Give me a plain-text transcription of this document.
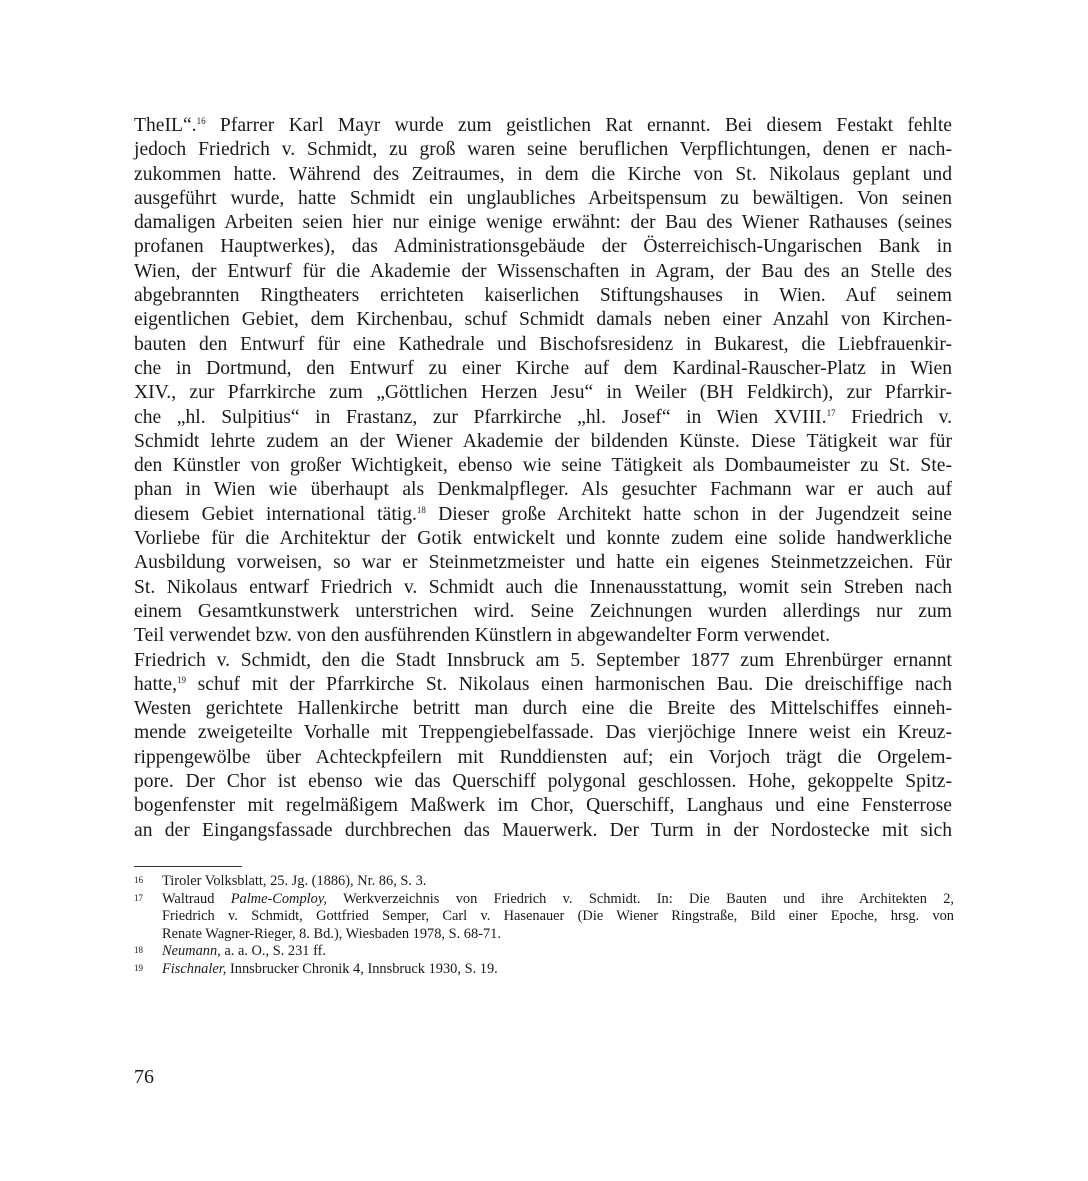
TheIL“.$^{16}$ Pfarrer Karl Mayr wurde zum geistlichen Rat ernannt. Bei diesem Festakt fehlte
jedoch Friedrich v. Schmidt, zu groß waren seine beruflichen Verpflichtungen, denen er nach-
zukommen hatte. Während des Zeitraumes, in dem die Kirche von St. Nikolaus geplant und
ausgeführt wurde, hatte Schmidt ein unglaubliches Arbeitspensum zu bewältigen. Von seinen
damaligen Arbeiten seien hier nur einige wenige erwähnt: der Bau des Wiener Rathauses (seines
profanen Hauptwerkes), das Administrationsgebäude der Österreichisch-Ungarischen Bank in
Wien, der Entwurf für die Akademie der Wissenschaften in Agram, der Bau des an Stelle des
abgebrannten Ringtheaters errichteten kaiserlichen Stiftungshauses in Wien. Auf seinem
eigentlichen Gebiet, dem Kirchenbau, schuf Schmidt damals neben einer Anzahl von Kirchen-
bauten den Entwurf für eine Kathedrale und Bischofsresidenz in Bukarest, die Liebfrauenkir-
che in Dortmund, den Entwurf zu einer Kirche auf dem Kardinal-Rauscher-Platz in Wien
XIV., zur Pfarrkirche zum „Göttlichen Herzen Jesu“ in Weiler (BH Feldkirch), zur Pfarrkir-
che „hl. Sulpitius“ in Frastanz, zur Pfarrkirche „hl. Josef“ in Wien XVIII.$^{17}$ Friedrich v.
Schmidt lehrte zudem an der Wiener Akademie der bildenden Künste. Diese Tätigkeit war für
den Künstler von großer Wichtigkeit, ebenso wie seine Tätigkeit als Dombaumeister zu St. Ste-
phan in Wien wie überhaupt als Denkmalpfleger. Als gesuchter Fachmann war er auch auf
diesem Gebiet international tätig.$^{18}$ Dieser große Architekt hatte schon in der Jugendzeit seine
Vorliebe für die Architektur der Gotik entwickelt und konnte zudem eine solide handwerkliche
Ausbildung vorweisen, so war er Steinmetzmeister und hatte ein eigenes Steinmetzzeichen. Für
St. Nikolaus entwarf Friedrich v. Schmidt auch die Innenausstattung, womit sein Streben nach
einem Gesamtkunstwerk unterstrichen wird. Seine Zeichnungen wurden allerdings nur zum
Teil verwendet bzw. von den ausführenden Künstlern in abgewandelter Form verwendet.
Friedrich v. Schmidt, den die Stadt Innsbruck am 5. September 1877 zum Ehrenbürger ernannt
hatte,$^{19}$ schuf mit der Pfarrkirche St. Nikolaus einen harmonischen Bau. Die dreischiffige nach
Westen gerichtete Hallenkirche betritt man durch eine die Breite des Mittelschiffes einneh-
mende zweigeteilte Vorhalle mit Treppengiebelfassade. Das vierjöchige Innere weist ein Kreuz-
rippengewölbe über Achteckpfeilern mit Runddiensten auf; ein Vorjoch trägt die Orgelem-
pore. Der Chor ist ebenso wie das Querschiff polygonal geschlossen. Hohe, gekoppelte Spitz-
bogenfenster mit regelmäßigem Maßwerk im Chor, Querschiff, Langhaus und eine Fensterrose
an der Eingangsfassade durchbrechen das Mauerwerk. Der Turm in der Nordostecke mit sich
16	Tiroler Volksblatt, 25. Jg. (1886), Nr. 86, S. 3.
17	Waltraud Palme-Comploy, Werkverzeichnis von Friedrich v. Schmidt. In: Die Bauten und ihre Architekten 2,
Friedrich v. Schmidt, Gottfried Semper, Carl v. Hasenauer (Die Wiener Ringstraße, Bild einer Epoche, hrsg. von
Renate Wagner-Rieger, 8. Bd.), Wiesbaden 1978, S. 68-71.
18	Neumann, a. a. O., S. 231 ff.
19	Fischnaler, Innsbrucker Chronik 4, Innsbruck 1930, S. 19.
76
